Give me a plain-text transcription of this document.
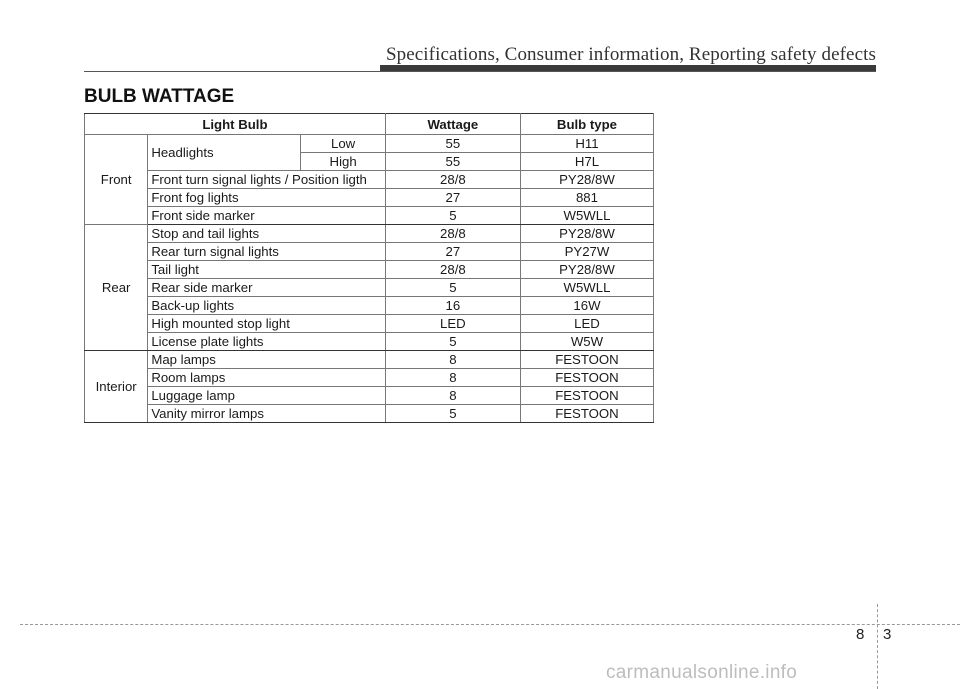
Specifications, Consumer information, Reporting safety defects
BULB WATTAGE
Light Bulb			Wattage	Bulb type
Front	Headlights	Low	55	H11
		High	55	H7L
	Front turn signal lights / Position ligth		28/8	PY28/8W
	Front fog lights		27	881
	Front side marker		5	W5WLL
Rear	Stop and tail lights		28/8	PY28/8W
	Rear turn signal lights		27	PY27W
	Tail light		28/8	PY28/8W
	Rear side marker		5	W5WLL
	Back-up lights		16	16W
	High mounted stop light		LED	LED
	License plate lights		5	W5W
Interior	Map lamps		8	FESTOON
	Room lamps		8	FESTOON
	Luggage lamp		8	FESTOON
	Vanity mirror lamps		5	FESTOON
8 3
carmanualsonline.info
